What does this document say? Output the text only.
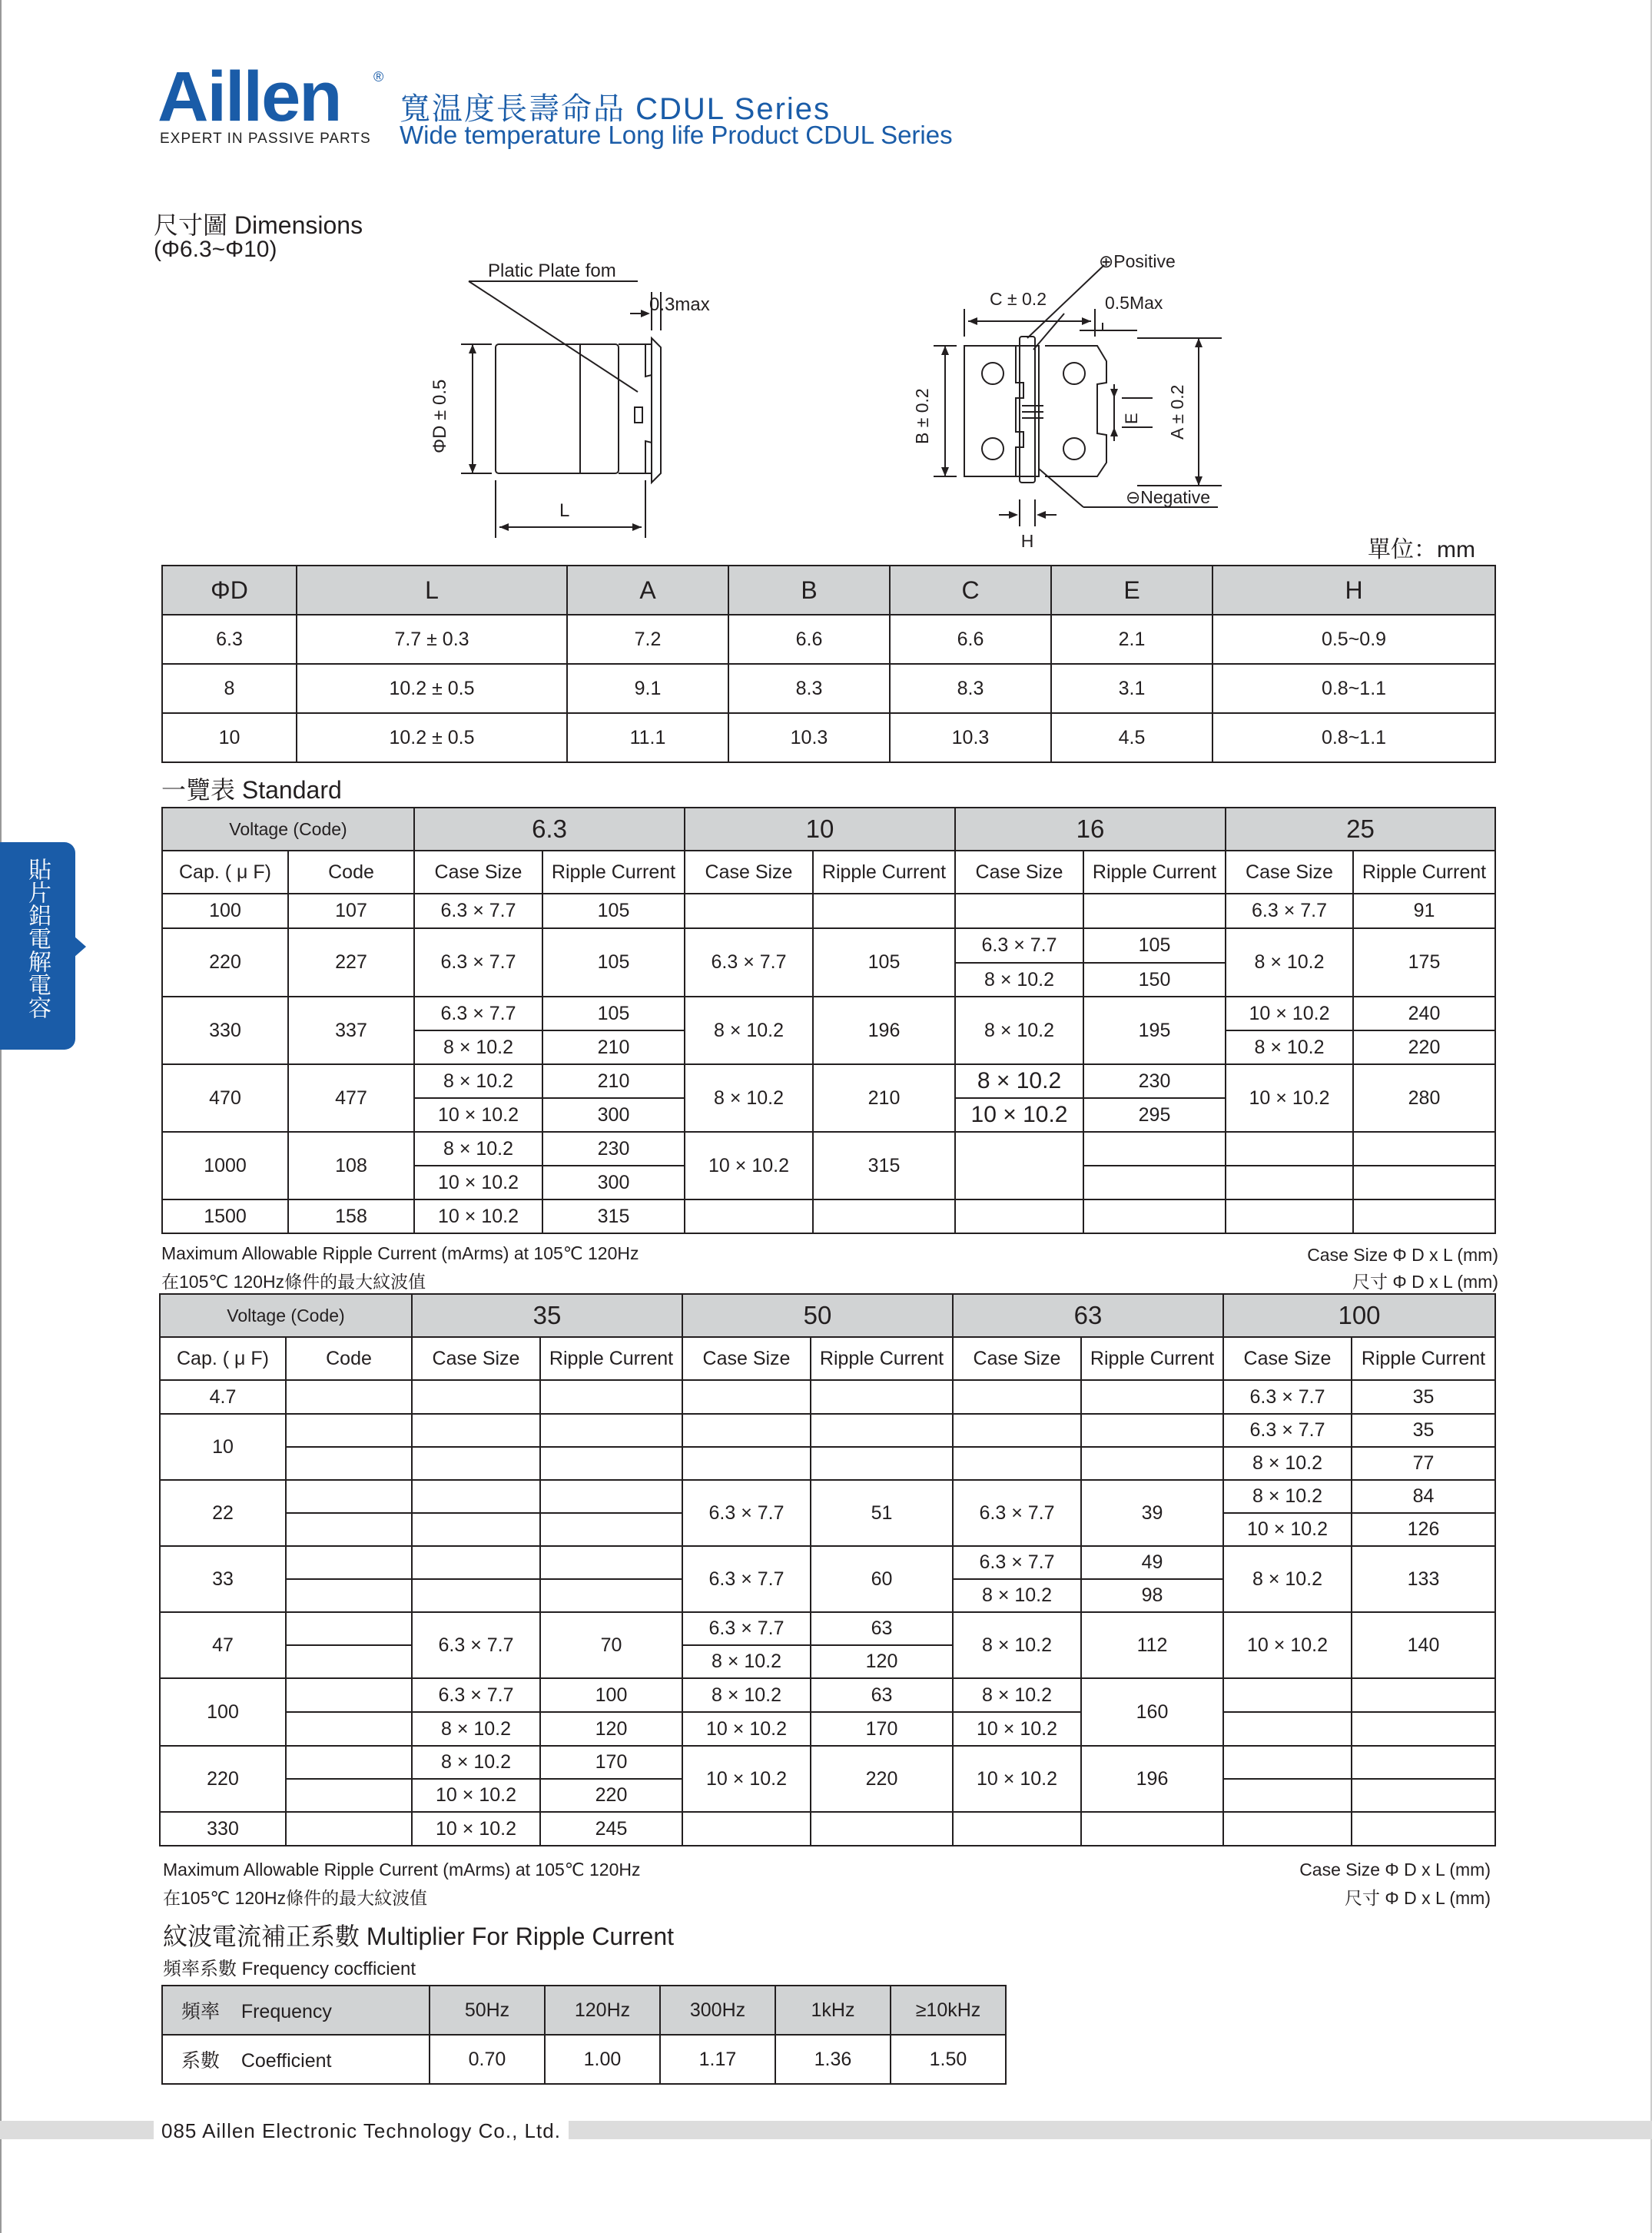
Aillen ®
EXPERT IN PASSIVE PARTS
寬温度長壽命品 CDUL Series
Wide temperature Long life Product CDUL Series
貼片鋁電解電容
尺寸圖 Dimensions
(Φ6.3~Φ10)
Platic Plate fom
0.3max
ΦD ± 0.5
L
⊕Positive
C ± 0.2	0.5Max
B ± 0.2	E A ± 0.2
⊖Negative
H	單位：mm
ΦD	L	A	B	C	E	H
6.3	7.7 ± 0.3	7.2	6.6	6.6	2.1	0.5~0.9
8	10.2 ± 0.5	9.1	8.3	8.3	3.1	0.8~1.1
10	10.2 ± 0.5	11.1	10.3	10.3	4.5	0.8~1.1
一覽表 Standard
Voltage (Code)		6.3		10		16		25	
Cap. ( μ F)	Code	Case Size	Ripple Current	Case Size	Ripple Current	Case Size	Ripple Current	Case Size	Ripple Current
100	107	6.3 × 7.7	105					6.3 × 7.7	91
220	227	6.3 × 7.7	105	6.3 × 7.7	105	6.3 × 7.7	105	8 × 10.2	175
						8 × 10.2	150		
330	337	6.3 × 7.7	105	8 × 10.2	196	8 × 10.2	195	10 × 10.2	240
		8 × 10.2	210					8 × 10.2	220
470	477	8 × 10.2	210	8 × 10.2	210	8 × 10.2	230	10 × 10.2	280
		10 × 10.2	300			10 × 10.2	295		
1000	108	8 × 10.2	230	10 × 10.2	315				
		10 × 10.2	300						
1500	158	10 × 10.2	315						
Maximum Allowable Ripple Current (mArms) at 105℃ 120Hz
在105℃ 120Hz條件的最大紋波值
Case Size Φ D x L (mm)
尺寸 Φ D x L (mm)
Voltage (Code)		35		50		63		100	
Cap. ( μ F)	Code	Case Size	Ripple Current	Case Size	Ripple Current	Case Size	Ripple Current	Case Size	Ripple Current
4.7								6.3 × 7.7	35
10								6.3 × 7.7	35
								8 × 10.2	77
22				6.3 × 7.7	51	6.3 × 7.7	39	8 × 10.2	84
								10 × 10.2	126
33				6.3 × 7.7	60	6.3 × 7.7	49	8 × 10.2	133
						8 × 10.2	98		
47		6.3 × 7.7	70	6.3 × 7.7	63	8 × 10.2	112	10 × 10.2	140
				8 × 10.2	120				
100		6.3 × 7.7	100	8 × 10.2	63	8 × 10.2	160		
		8 × 10.2	120	10 × 10.2	170	10 × 10.2			
220		8 × 10.2	170	10 × 10.2	220	10 × 10.2	196		
		10 × 10.2	220						
330		10 × 10.2	245						
Maximum Allowable Ripple Current (mArms) at 105℃ 120Hz
在105℃ 120Hz條件的最大紋波值
Case Size Φ D x L (mm)
尺寸 Φ D x L (mm)
紋波電流補正系數 Multiplier For Ripple Current
頻率系數 Frequency cocfficient
頻率 Frequency	50Hz	120Hz	300Hz	1kHz	≥10kHz
系數 Coefficient	0.70	1.00	1.17	1.36	1.50
085 Aillen Electronic Technology Co., Ltd.
